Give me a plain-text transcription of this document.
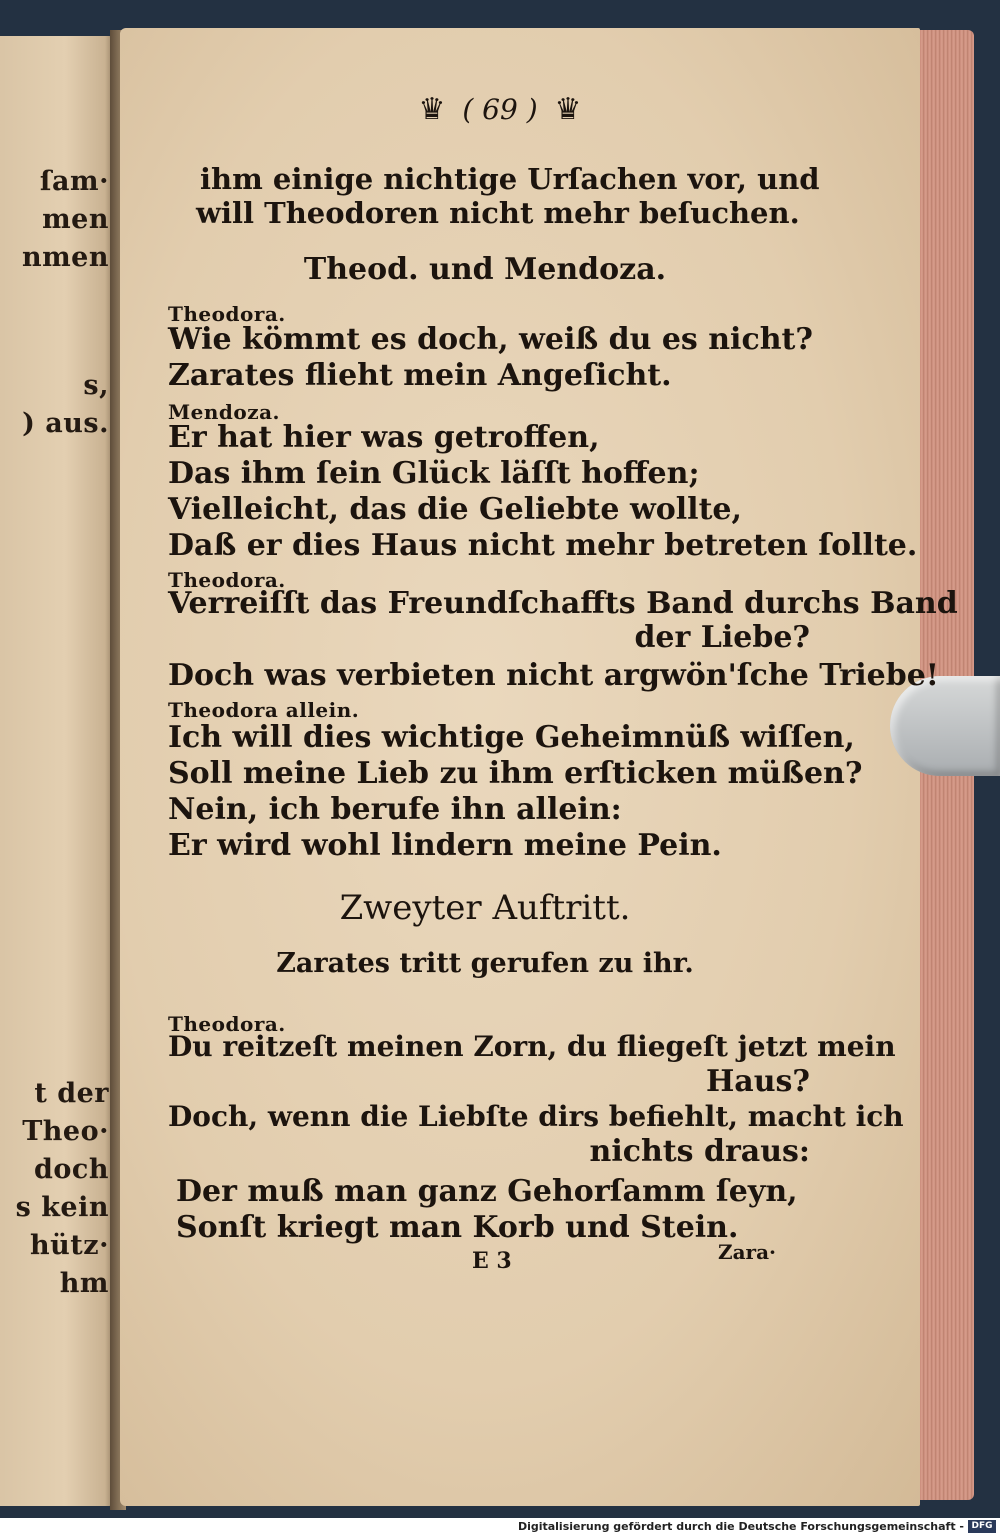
ſam·
men
nmen
s,
) aus.
t der
Theo·
doch
s kein
hütz·
hm
♛ ( 69 ) ♛
ihm einige nichtige Urſachen vor, und
will Theodoren nicht mehr beſuchen.
Theod. und Mendoza.
Theodora.
Wie kömmt es doch, weiß du es nicht?
Zarates flieht mein Angeſicht.
Mendoza.
Er hat hier was getroffen,
Das ihm ſein Glück läſſt hoffen;
Vielleicht, das die Geliebte wollte,
Daß er dies Haus nicht mehr betreten ſollte.
Theodora.
Verreiſſt das Freundſchaffts Band durchs Band
der Liebe?
Doch was verbieten nicht argwön'ſche Triebe!
Theodora allein.
Ich will dies wichtige Geheimnüß wiſſen,
Soll meine Lieb zu ihm erſticken müßen?
Nein, ich berufe ihn allein:
Er wird wohl lindern meine Pein.
Zweyter Auftritt.
Zarates tritt gerufen zu ihr.
Theodora.
Du reitzeſt meinen Zorn, du fliegeſt jetzt mein
Haus?
Doch, wenn die Liebſte dirs befiehlt, macht ich
nichts draus:
Der muß man ganz Gehorſamm ſeyn,
Sonſt kriegt man Korb und Stein.
E 3	Zara·
Digitalisierung gefördert durch die Deutsche Forschungsgemeinschaft - DFG
